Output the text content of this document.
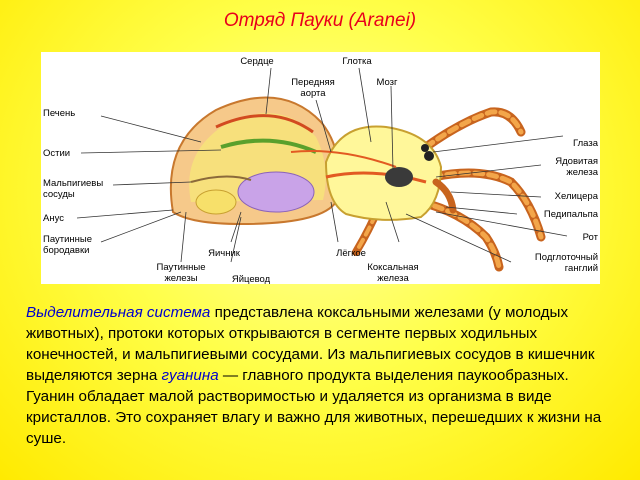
Отряд Пауки (Aranei)
Сердце	Глотка
Передняя
аорта
Мозг
Печень
Остии
Мальпигиевы
сосуды
Анус
Паутинные
бородавки	Яичник
Паутинные
железы	Яйцевод
Лёгкое
Коксальная
железа
Глаза
Ядовитая
железа
Хелицера
Педипальпа
Рот
Подглоточный
ганглий
Выделительная система представлена коксальными железами (у молодых животных), протоки которых открываются в сегменте первых ходильных конечностей, и мальпигиевыми сосудами. Из мальпигиевых сосудов в кишечник выделяются зерна гуанина — главного продукта выделения паукообразных. Гуанин обладает малой растворимостью и удаляется из организма в виде кристаллов. Это сохраняет влагу и важно для животных, перешедших к жизни на суше.
